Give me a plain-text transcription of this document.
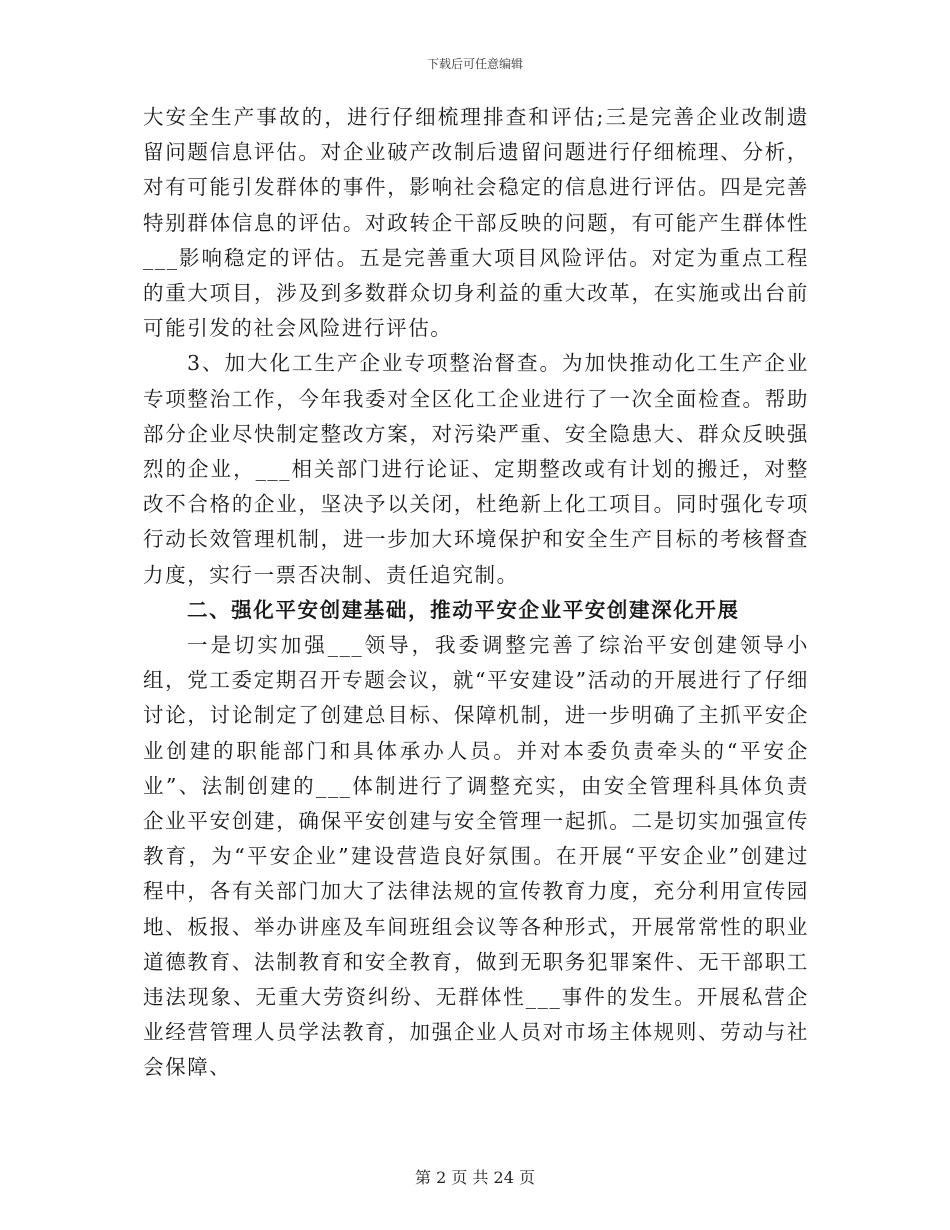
下载后可任意编辑

大安全生产事故的，进行仔细梳理排查和评估;三是完善企业改制遗留问题信息评估。对企业破产改制后遗留问题进行仔细梳理、分析，对有可能引发群体的事件，影响社会稳定的信息进行评估。四是完善特别群体信息的评估。对政转企干部反映的问题，有可能产生群体性___影响稳定的评估。五是完善重大项目风险评估。对定为重点工程的重大项目，涉及到多数群众切身利益的重大改革，在实施或出台前可能引发的社会风险进行评估。

3、加大化工生产企业专项整治督查。为加快推动化工生产企业专项整治工作，今年我委对全区化工企业进行了一次全面检查。帮助部分企业尽快制定整改方案，对污染严重、安全隐患大、群众反映强烈的企业，___相关部门进行论证、定期整改或有计划的搬迁，对整改不合格的企业，坚决予以关闭，杜绝新上化工项目。同时强化专项行动长效管理机制，进一步加大环境保护和安全生产目标的考核督查力度，实行一票否决制、责任追究制。

二、强化平安创建基础，推动平安企业平安创建深化开展

一是切实加强___领导，我委调整完善了综治平安创建领导小组，党工委定期召开专题会议，就“平安建设”活动的开展进行了仔细讨论，讨论制定了创建总目标、保障机制，进一步明确了主抓平安企业创建的职能部门和具体承办人员。并对本委负责牵头的“平安企业”、法制创建的___体制进行了调整充实，由安全管理科具体负责企业平安创建，确保平安创建与安全管理一起抓。二是切实加强宣传教育，为“平安企业”建设营造良好氛围。在开展“平安企业”创建过程中，各有关部门加大了法律法规的宣传教育力度，充分利用宣传园地、板报、举办讲座及车间班组会议等各种形式，开展常常性的职业道德教育、法制教育和安全教育，做到无职务犯罪案件、无干部职工违法现象、无重大劳资纠纷、无群体性___事件的发生。开展私营企业经营管理人员学法教育，加强企业人员对市场主体规则、劳动与社会保障、

第 2 页 共 24 页
